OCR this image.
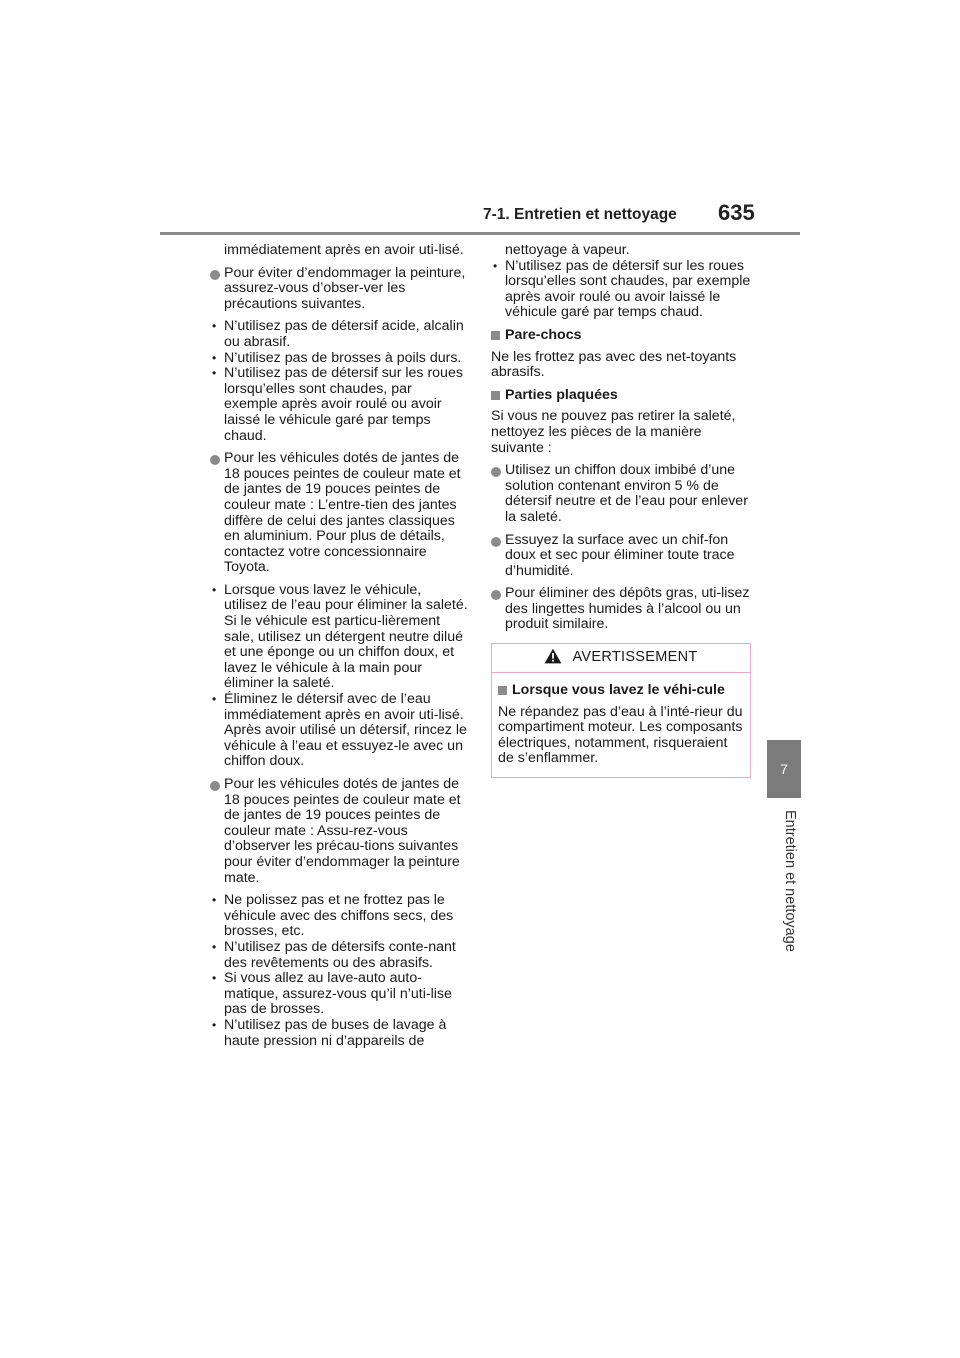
7-1. Entretien et nettoyage 635
7
Entretien et nettoyage
immédiatement après en avoir uti-lisé.
Pour éviter d’endommager la peinture, assurez-vous d’obser-ver les précautions suivantes.
• N’utilisez pas de détersif acide, alcalin ou abrasif.
• N’utilisez pas de brosses à poils durs.
• N’utilisez pas de détersif sur les roues lorsqu’elles sont chaudes, par exemple après avoir roulé ou avoir laissé le véhicule garé par temps chaud.
Pour les véhicules dotés de jantes de 18 pouces peintes de couleur mate et de jantes de 19 pouces peintes de couleur mate : L’entre-tien des jantes diffère de celui des jantes classiques en aluminium. Pour plus de détails, contactez votre concessionnaire Toyota.
• Lorsque vous lavez le véhicule, utilisez de l’eau pour éliminer la saleté. Si le véhicule est particu-lièrement sale, utilisez un détergent neutre dilué et une éponge ou un chiffon doux, et lavez le véhicule à la main pour éliminer la saleté.
• Éliminez le détersif avec de l’eau immédiatement après en avoir uti-lisé. Après avoir utilisé un détersif, rincez le véhicule à l’eau et essuyez-le avec un chiffon doux.
Pour les véhicules dotés de jantes de 18 pouces peintes de couleur mate et de jantes de 19 pouces peintes de couleur mate : Assu-rez-vous d’observer les précau-tions suivantes pour éviter d’endommager la peinture mate.
• Ne polissez pas et ne frottez pas le véhicule avec des chiffons secs, des brosses, etc.
• N’utilisez pas de détersifs conte-nant des revêtements ou des abrasifs.
• Si vous allez au lave-auto auto-matique, assurez-vous qu’il n’uti-lise pas de brosses.
• N’utilisez pas de buses de lavage à haute pression ni d’appareils de
nettoyage à vapeur.
• N’utilisez pas de détersif sur les roues lorsqu’elles sont chaudes, par exemple après avoir roulé ou avoir laissé le véhicule garé par temps chaud.
Pare-chocs
Ne les frottez pas avec des net-toyants abrasifs.
Parties plaquées
Si vous ne pouvez pas retirer la saleté, nettoyez les pièces de la manière suivante :
Utilisez un chiffon doux imbibé d’une solution contenant environ 5 % de détersif neutre et de l’eau pour enlever la saleté.
Essuyez la surface avec un chif-fon doux et sec pour éliminer toute trace d’humidité.
Pour éliminer des dépôts gras, uti-lisez des lingettes humides à l’alcool ou un produit similaire.
AVERTISSEMENT
Lorsque vous lavez le véhi-cule
Ne répandez pas d’eau à l’inté-rieur du compartiment moteur. Les composants électriques, notamment, risqueraient de s’enflammer.
